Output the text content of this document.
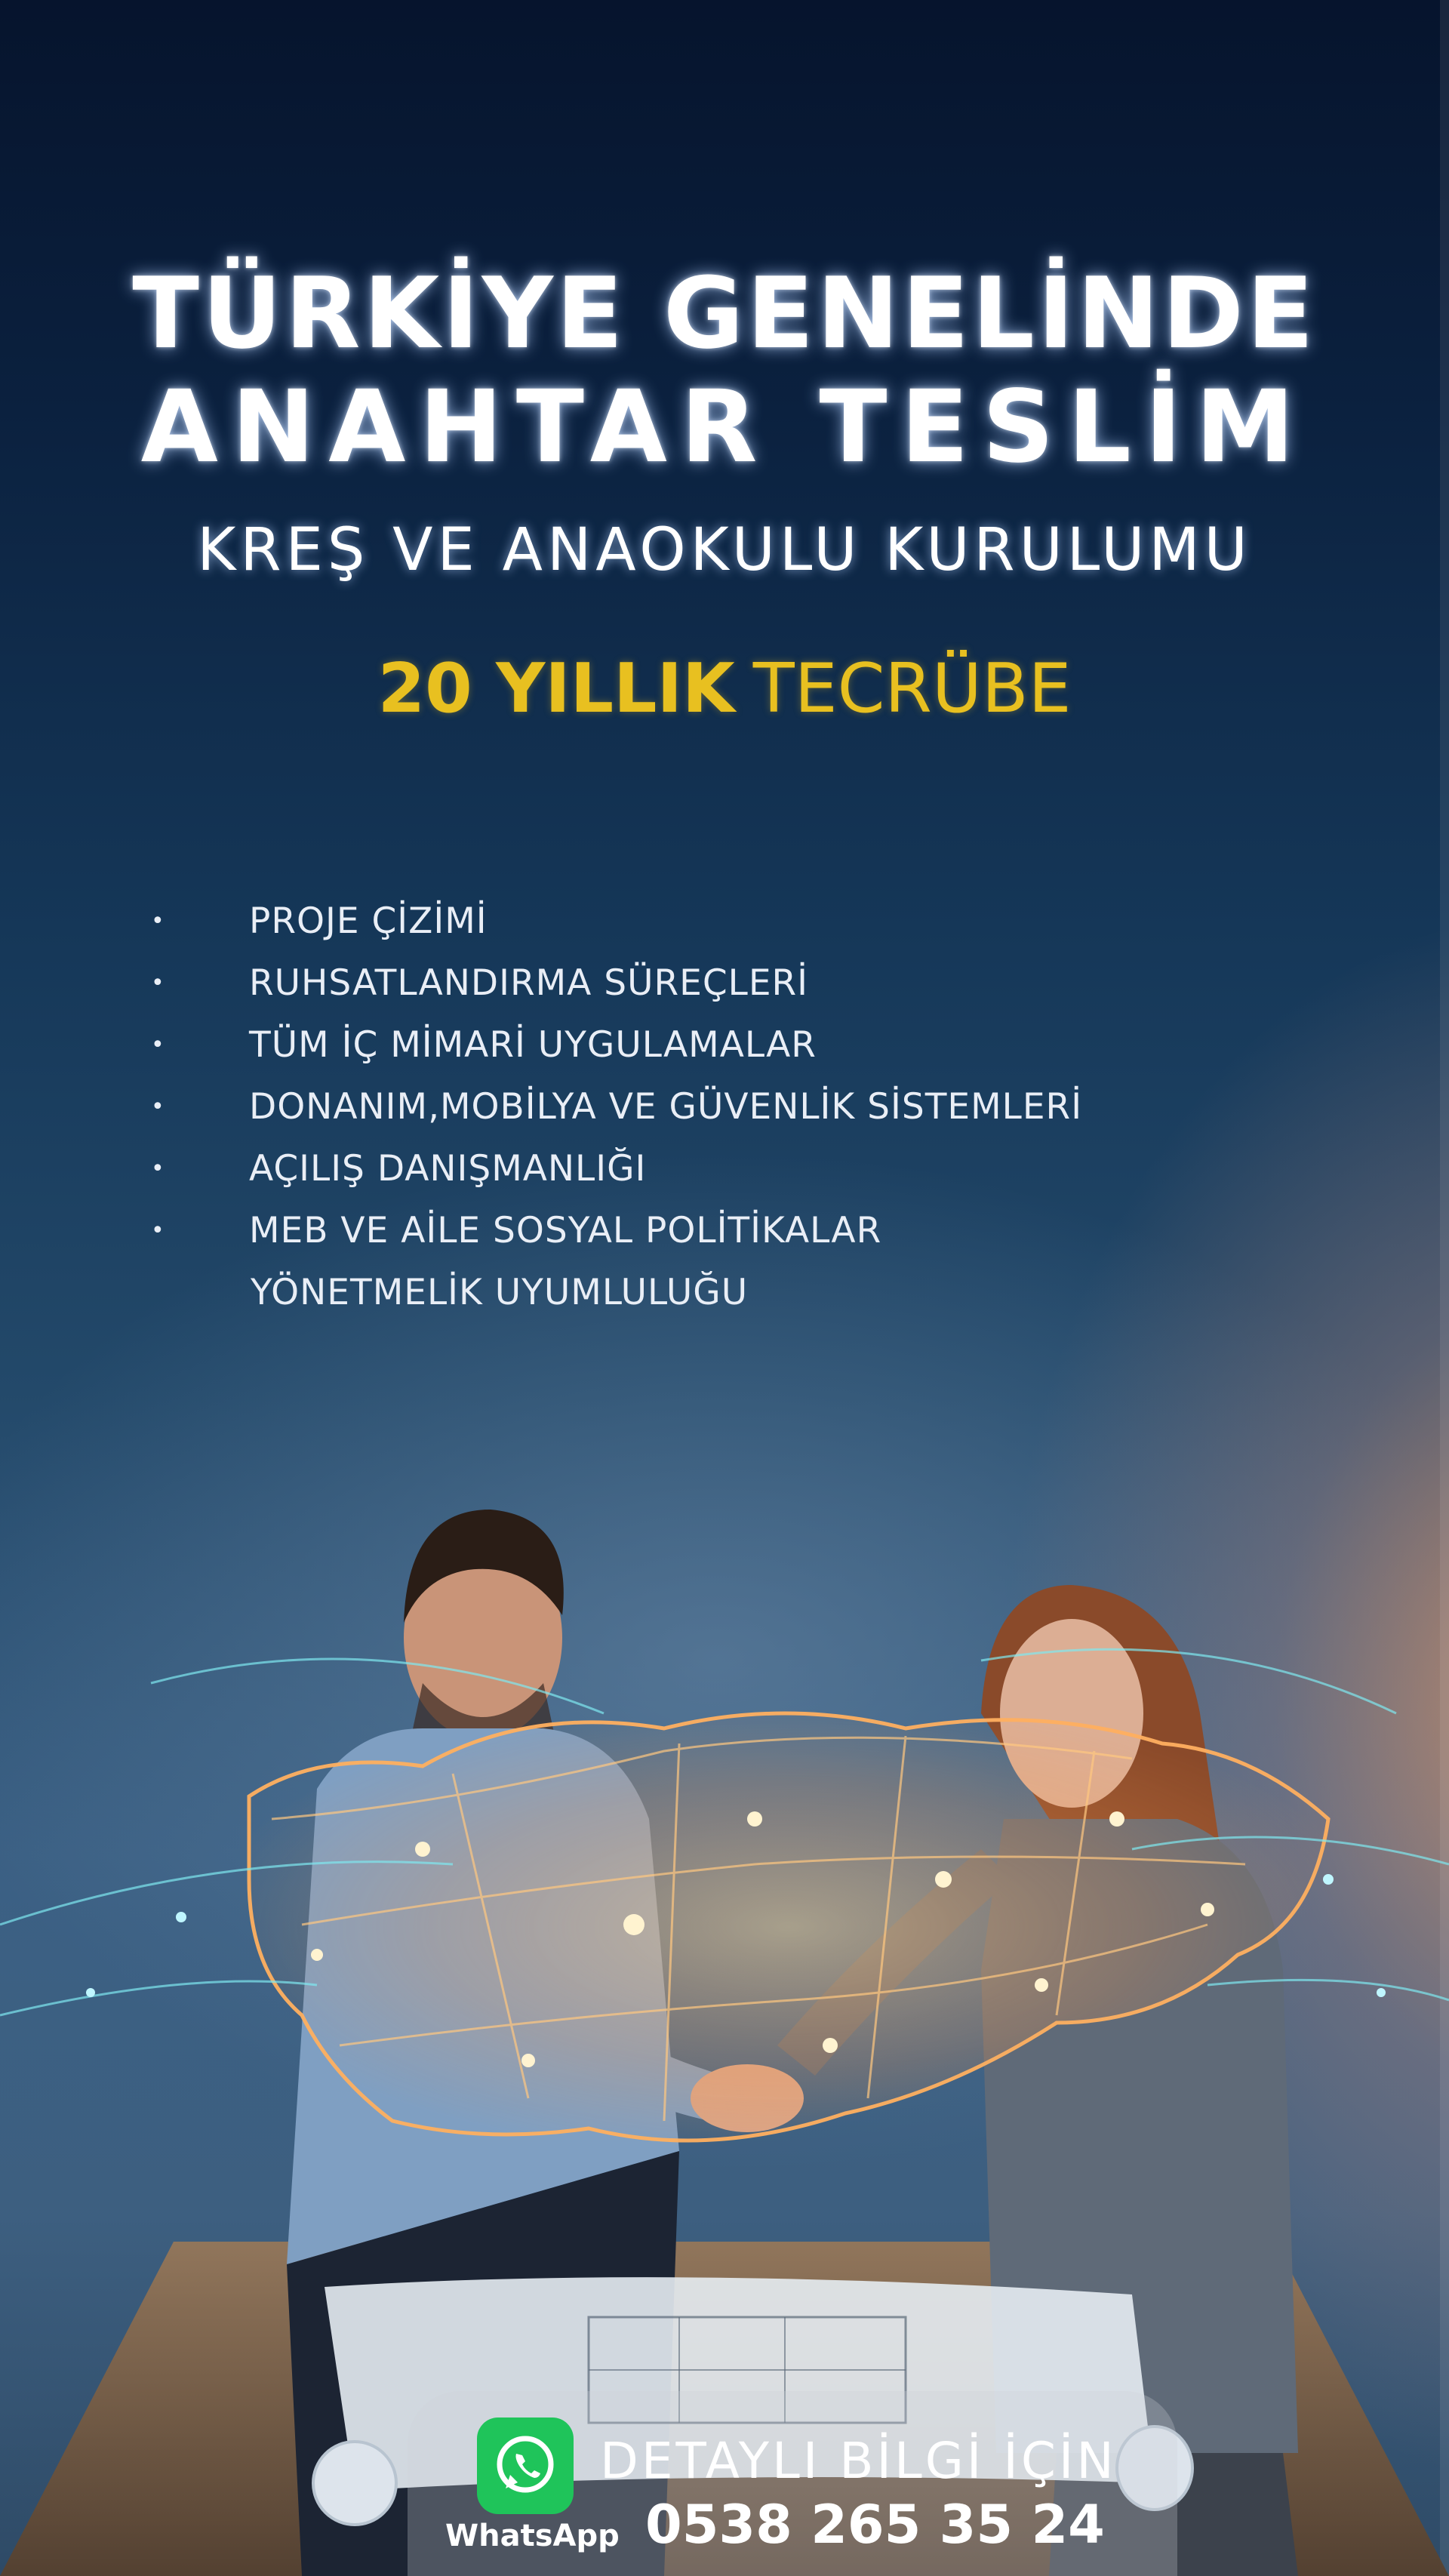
TÜRKİYE GENELİNDE
ANAHTAR TESLİM
KREŞ VE ANAOKULU KURULUMU
20 YILLIK TECRÜBE
• PROJE ÇİZİMİ
• RUHSATLANDIRMA SÜREÇLERİ
• TÜM İÇ MİMARİ UYGULAMALAR
• DONANIM,MOBİLYA VE GÜVENLİK SİSTEMLERİ
• AÇILIŞ DANIŞMANLIĞI
• MEB VE AİLE SOSYAL POLİTİKALAR
YÖNETMELİK UYUMLULUĞU
WhatsApp
DETAYLI BİLGİ İÇİN
0538 265 35 24
